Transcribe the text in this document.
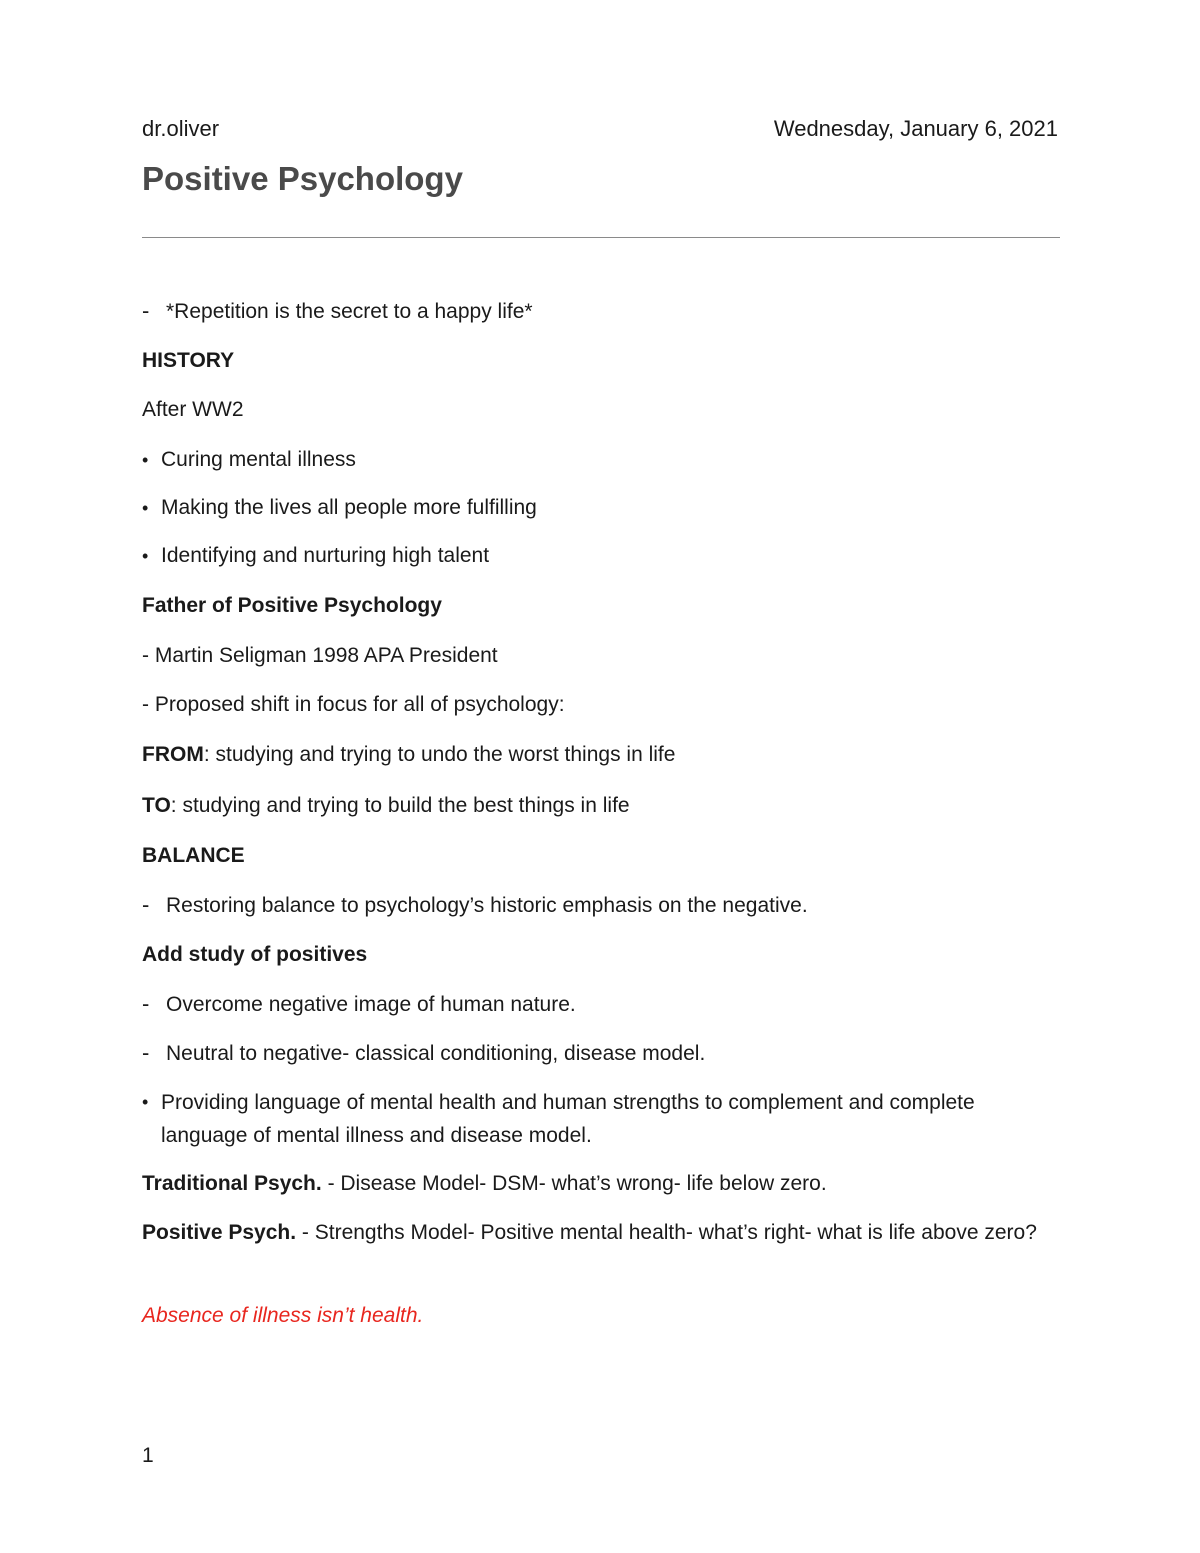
dr.oliver	Wednesday, January 6, 2021
Positive Psychology
- *Repetition is the secret to a happy life*
HISTORY
After WW2
• Curing mental illness
• Making the lives all people more fulfilling
• Identifying and nurturing high talent
Father of Positive Psychology
- Martin Seligman 1998 APA President
- Proposed shift in focus for all of psychology:
FROM: studying and trying to undo the worst things in life
TO: studying and trying to build the best things in life
BALANCE
- Restoring balance to psychology’s historic emphasis on the negative.
Add study of positives
- Overcome negative image of human nature.
- Neutral to negative- classical conditioning, disease model.
• Providing language of mental health and human strengths to complement and complete language of mental illness and disease model.
Traditional Psych. - Disease Model- DSM- what’s wrong- life below zero.
Positive Psych. - Strengths Model- Positive mental health- what’s right- what is life above zero?
Absence of illness isn’t health.
1
